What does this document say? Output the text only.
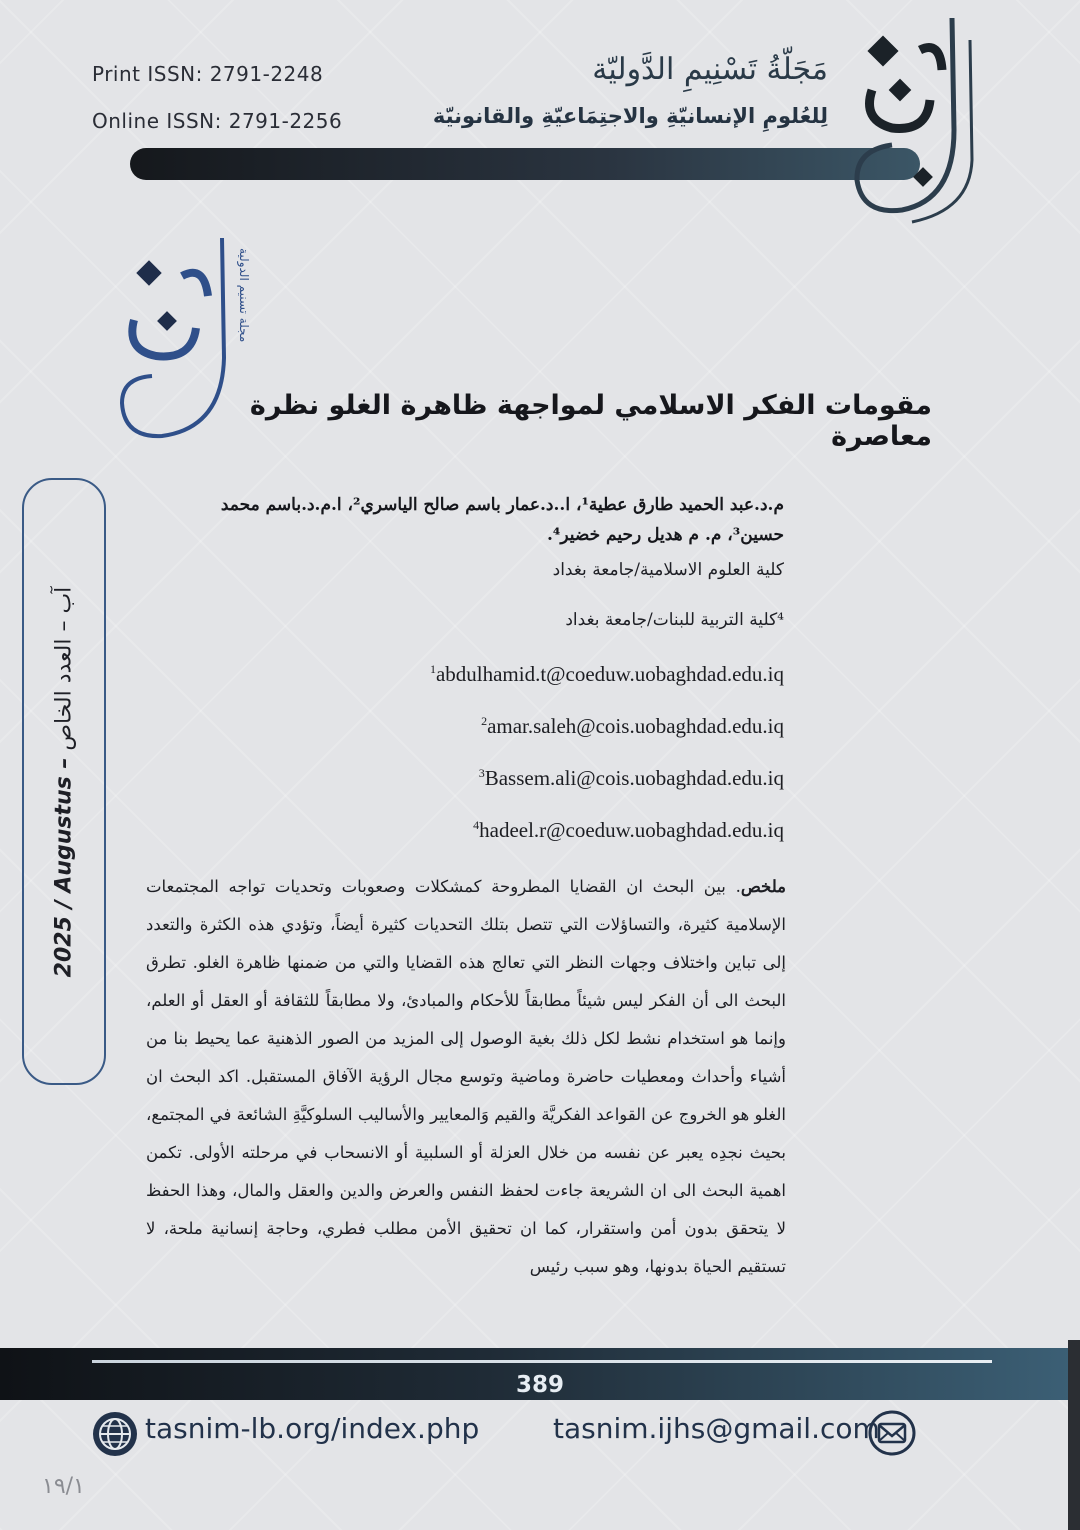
Print ISSN: 2791-2248
Online ISSN: 2791-2256
مَجَلّةُ تَسْنِيمِ الدَّوليّة
لِلعُلومِ الإنسانيّةِ والاجتِمَاعيّةِ والقانونيّة
مجلة تسنيم الدولية
2025 / Augustus – آب – العدد الخاص
مقومات الفكر الاسلامي لمواجهة ظاهرة الغلو نظرة معاصرة
م.د.عبد الحميد طارق عطية¹، ا..د.عمار باسم صالح الياسري²، ا.م.د.باسم محمد حسين³، م. م هديل رحيم خضير⁴.
كلية العلوم الاسلامية/جامعة بغداد
⁴كلية التربية للبنات/جامعة بغداد
$^1$abdulhamid.t@coeduw.uobaghdad.edu.iq
$^2$amar.saleh@cois.uobaghdad.edu.iq
$^3$Bassem.ali@cois.uobaghdad.edu.iq
$^4$hadeel.r@coeduw.uobaghdad.edu.iq
ملخص. بين البحث ان القضايا المطروحة كمشكلات وصعوبات وتحديات تواجه المجتمعات الإسلامية كثيرة، والتساؤلات التي تتصل بتلك التحديات كثيرة أيضاً، وتؤدي هذه الكثرة والتعدد إلى تباين واختلاف وجهات النظر التي تعالج هذه القضايا والتي من ضمنها ظاهرة الغلو. تطرق البحث الى أن الفكر ليس شيئاً مطابقاً للأحكام والمبادئ، ولا مطابقاً للثقافة أو العقل أو العلم، وإنما هو استخدام نشط لكل ذلك بغية الوصول إلى المزيد من الصور الذهنية عما يحيط بنا من أشياء وأحداث ومعطيات حاضرة وماضية وتوسع مجال الرؤية الآفاق المستقبل. اكد البحث ان الغلو هو الخروج عن القواعد الفكريَّة والقيم وَالمعايير والأساليب السلوكيَّةِ الشائعة في المجتمع، بحيث نجدِه يعبر عن نفسه من خلال العزلة أو السلبية أو الانسحاب في مرحلته الأولى. تكمن اهمية البحث الى ان الشريعة جاءت لحفظ النفس والعرض والدين والعقل والمال، وهذا الحفظ لا يتحقق بدون أمن واستقرار، كما ان تحقيق الأمن مطلب فطري، وحاجة إنسانية ملحة، لا تستقيم الحياة بدونها، وهو سبب رئيس
389
tasnim-lb.org/index.php	tasnim.ijhs@gmail.com
١٩/١
